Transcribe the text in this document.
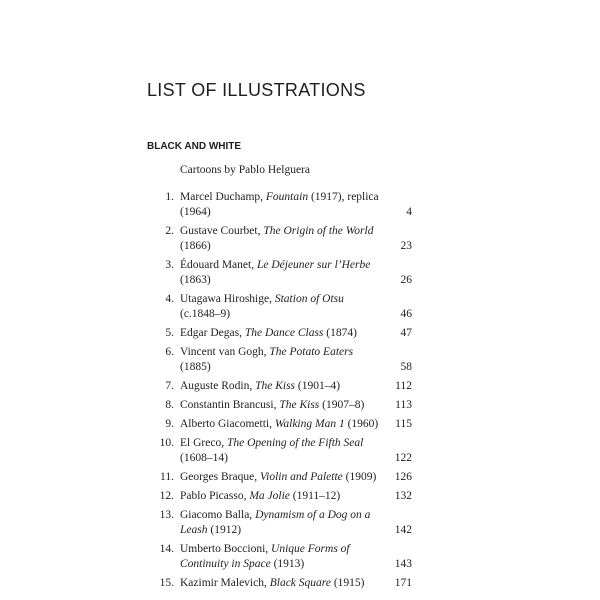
LIST OF ILLUSTRATIONS
BLACK AND WHITE
Cartoons by Pablo Helguera
1. Marcel Duchamp, Fountain (1917), replica (1964)	4
2. Gustave Courbet, The Origin of the World (1866)	23
3. Édouard Manet, Le Déjeuner sur l’Herbe (1863)	26
4. Utagawa Hiroshige, Station of Otsu (c.1848–9)	46
5. Edgar Degas, The Dance Class (1874)	47
6. Vincent van Gogh, The Potato Eaters (1885)	58
7. Auguste Rodin, The Kiss (1901–4)	112
8. Constantin Brancusi, The Kiss (1907–8)	113
9. Alberto Giacometti, Walking Man 1 (1960)	115
10. El Greco, The Opening of the Fifth Seal (1608–14)	122
11. Georges Braque, Violin and Palette (1909)	126
12. Pablo Picasso, Ma Jolie (1911–12)	132
13. Giacomo Balla, Dynamism of a Dog on a Leash (1912)	142
14. Umberto Boccioni, Unique Forms of Continuity in Space (1913)	143
15. Kazimir Malevich, Black Square (1915)	171
